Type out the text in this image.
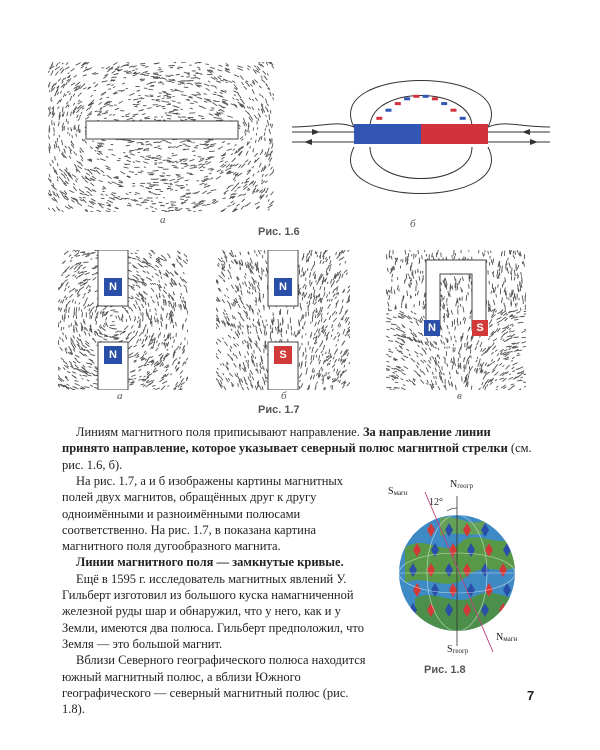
а	б
Рис. 1.6
N
N
а
N
S
б
N	S
в
Рис. 1.7

Линиям магнитного поля приписывают направление. За направление линии принято направление, которое указывает северный полюс магнитной стрелки (см. рис. 1.6, б).

На рис. 1.7, а и б изображены картины магнитных полей двух магнитов, обращённых друг к другу одноимёнными и разноимёнными полюсами соответственно. На рис. 1.7, в показана картина магнитного поля дугообразного магнита.

Линии магнитного поля — замкнутые кривые.

Ещё в 1595 г. исследователь магнитных явлений У. Гильберт изготовил из большого куска намагниченной железной руды шар и обнаружил, что у него, как и у Земли, имеются два полюса. Гильберт предположил, что Земля — это большой магнит.

Вблизи Северного географического полюса находится южный магнитный полюс, а вблизи Южного географического — северный магнитный полюс (рис. 1.8).

$S_{магн}$
$N_{геогр}$
12°
$S_{геогр}$
$N_{магн}$
Рис. 1.8
7
